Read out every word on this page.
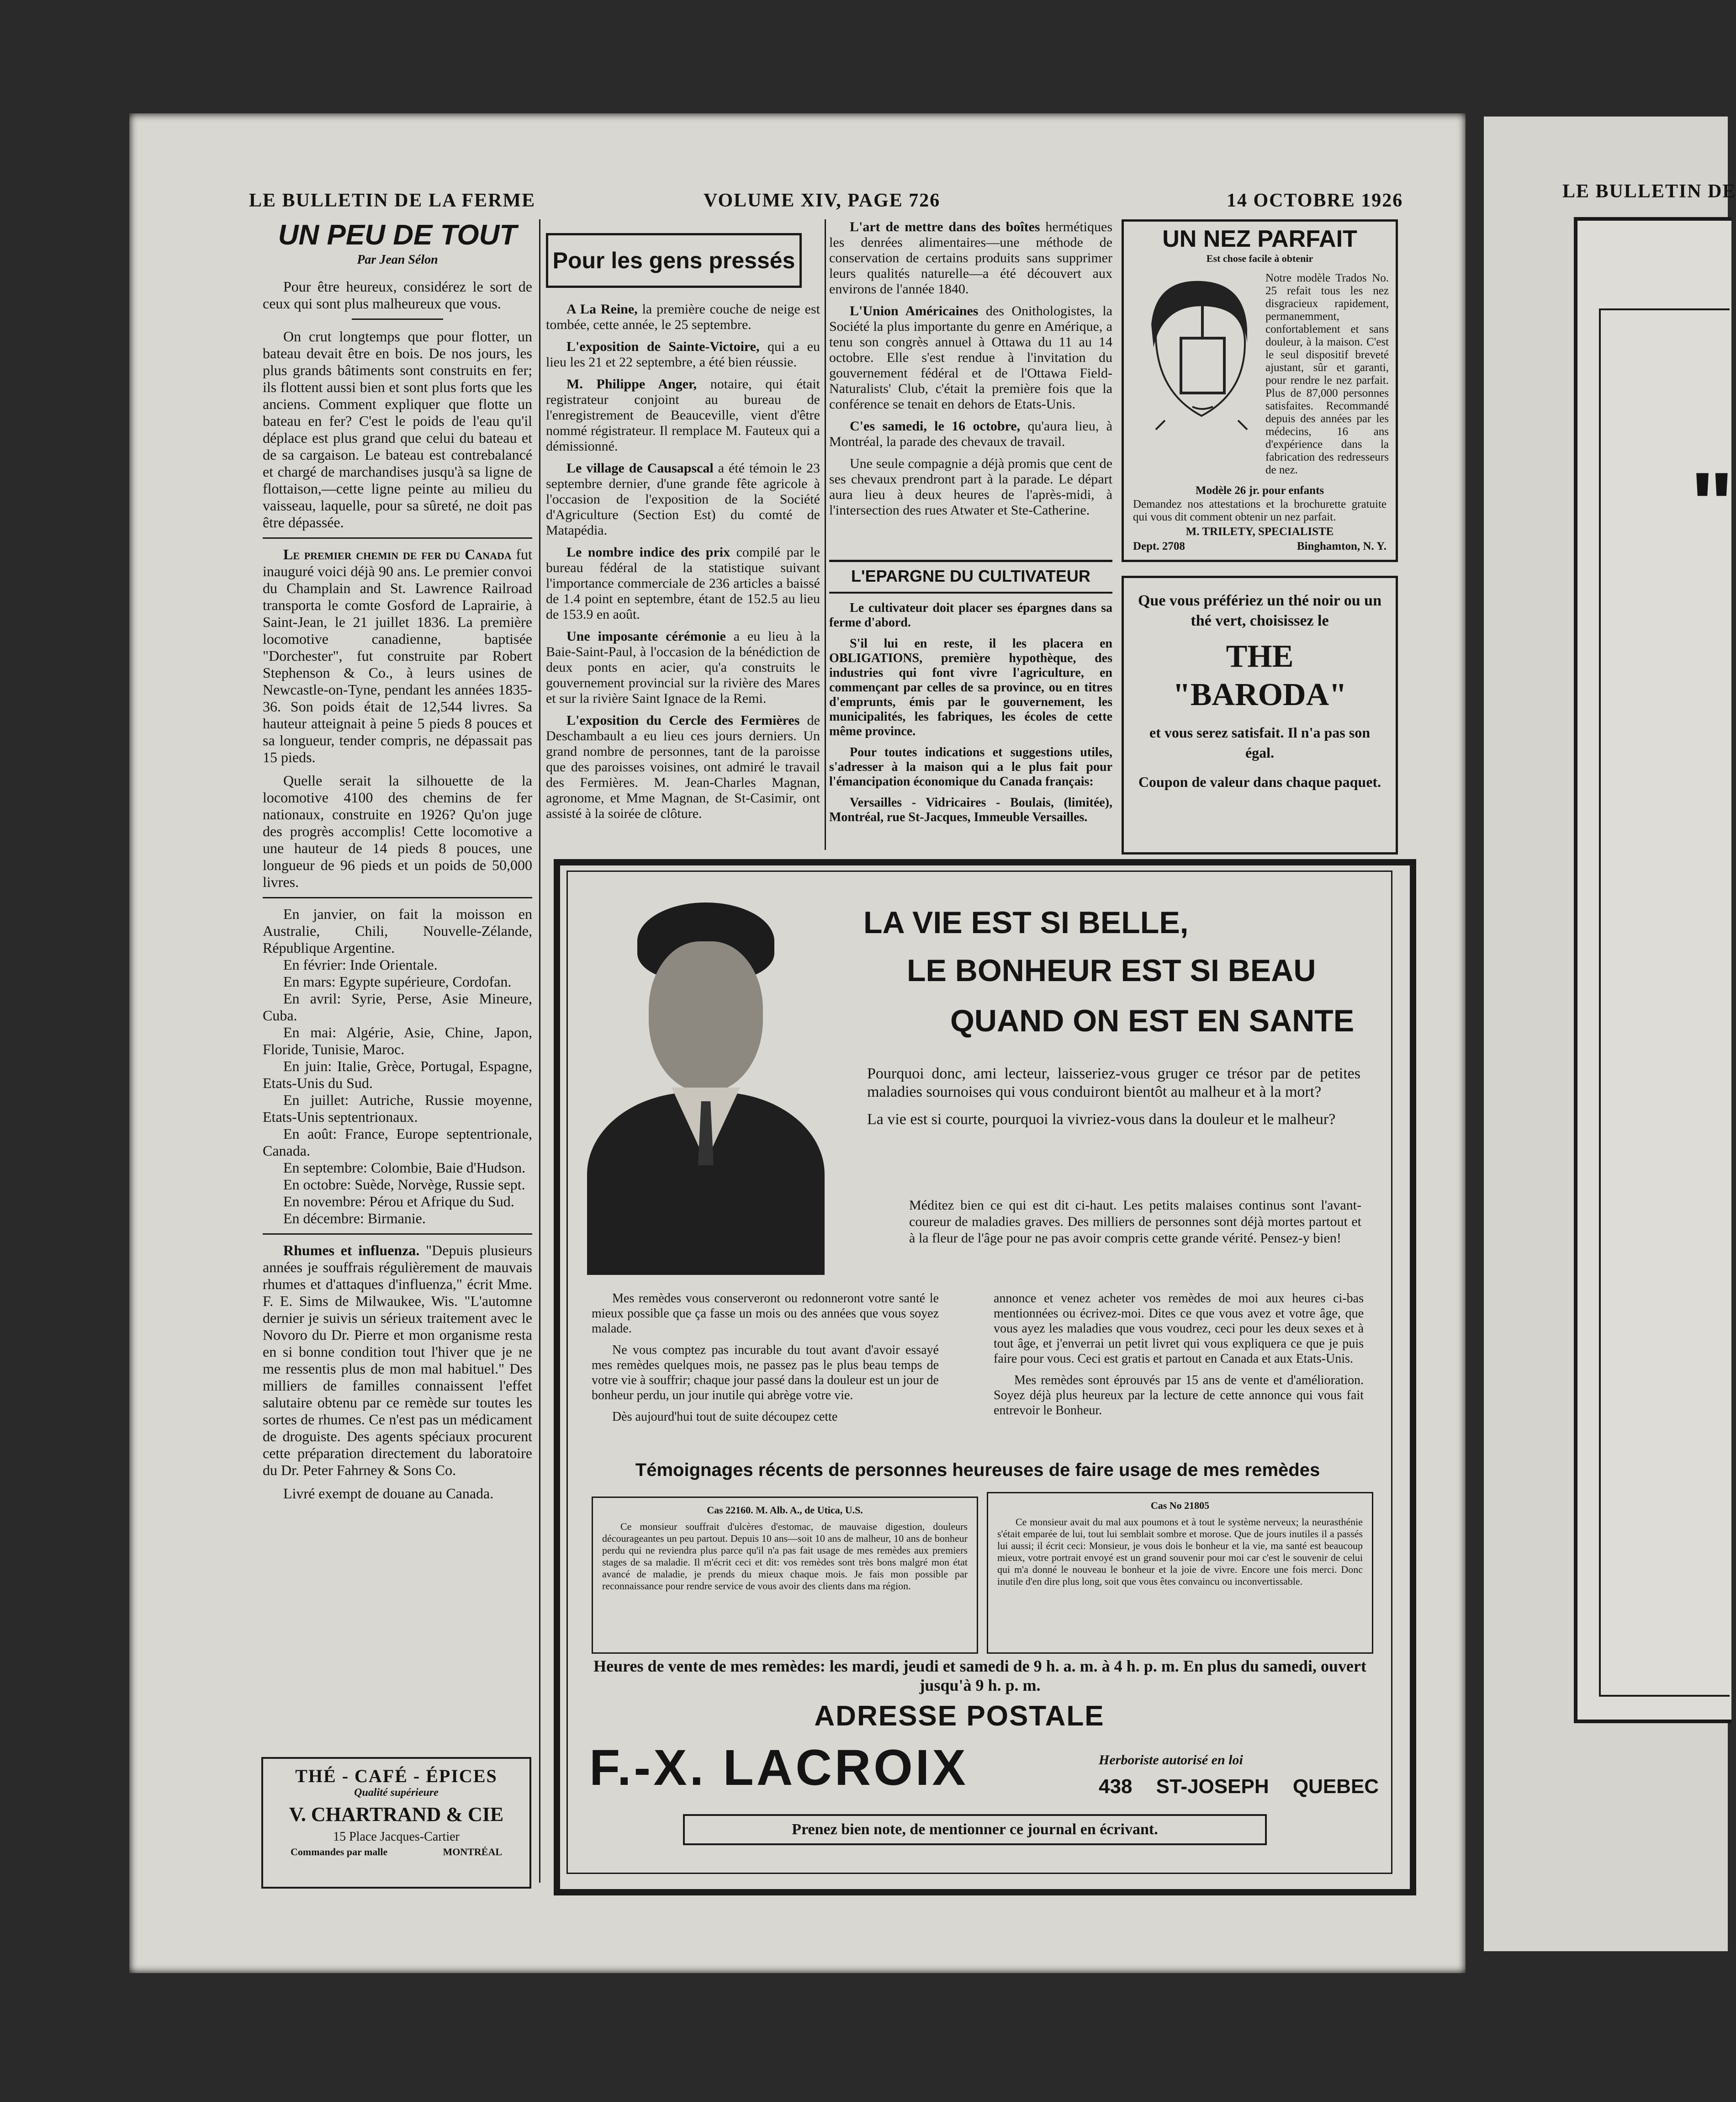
"
LE BULLETIN DE
LE BULLETIN DE LA FERME	VOLUME XIV, PAGE 726	14 OCTOBRE 1926
UN PEU DE TOUT
Par Jean Sélon

Pour être heureux, considérez le sort de ceux qui sont plus malheureux que vous.

On crut longtemps que pour flotter, un bateau devait être en bois. De nos jours, les plus grands bâtiments sont construits en fer; ils flottent aussi bien et sont plus forts que les anciens. Comment expliquer que flotte un bateau en fer? C'est le poids de l'eau qu'il déplace est plus grand que celui du bateau et de sa cargaison. Le bateau est contrebalancé et chargé de marchandises jusqu'à sa ligne de flottaison,—cette ligne peinte au milieu du vaisseau, laquelle, pour sa sûreté, ne doit pas être dépassée.

Le premier chemin de fer du Canada fut inauguré voici déjà 90 ans. Le premier convoi du Champlain and St. Lawrence Railroad transporta le comte Gosford de Laprairie, à Saint-Jean, le 21 juillet 1836. La première locomotive canadienne, baptisée "Dorchester", fut construite par Robert Stephenson & Co., à leurs usines de Newcastle-on-Tyne, pendant les années 1835-36. Son poids était de 12,544 livres. Sa hauteur atteignait à peine 5 pieds 8 pouces et sa longueur, tender compris, ne dépassait pas 15 pieds.

Quelle serait la silhouette de la locomotive 4100 des chemins de fer nationaux, construite en 1926? Qu'on juge des progrès accomplis! Cette locomotive a une hauteur de 14 pieds 8 pouces, une longueur de 96 pieds et un poids de 50,000 livres.

En janvier, on fait la moisson en Australie, Chili, Nouvelle-Zélande, République Argentine.

En février: Inde Orientale.

En mars: Egypte supérieure, Cordofan.

En avril: Syrie, Perse, Asie Mineure, Cuba.

En mai: Algérie, Asie, Chine, Japon, Floride, Tunisie, Maroc.

En juin: Italie, Grèce, Portugal, Espagne, Etats-Unis du Sud.

En juillet: Autriche, Russie moyenne, Etats-Unis septentrionaux.

En août: France, Europe septentrionale, Canada.

En septembre: Colombie, Baie d'Hudson.

En octobre: Suède, Norvège, Russie sept.

En novembre: Pérou et Afrique du Sud.

En décembre: Birmanie.

Rhumes et influenza. "Depuis plusieurs années je souffrais régulièrement de mauvais rhumes et d'attaques d'influenza," écrit Mme. F. E. Sims de Milwaukee, Wis. "L'automne dernier je suivis un sérieux traitement avec le Novoro du Dr. Pierre et mon organisme resta en si bonne condition tout l'hiver que je ne me ressentis plus de mon mal habituel." Des milliers de familles connaissent l'effet salutaire obtenu par ce remède sur toutes les sortes de rhumes. Ce n'est pas un médicament de droguiste. Des agents spéciaux procurent cette préparation directement du laboratoire du Dr. Peter Fahrney & Sons Co.

Livré exempt de douane au Canada.

THÉ - CAFÉ - ÉPICES
Qualité supérieure
V. CHARTRAND & CIE
15 Place Jacques-Cartier
Commandes par malle	MONTRÉAL
Pour les gens pressés

A La Reine, la première couche de neige est tombée, cette année, le 25 septembre.

L'exposition de Sainte-Victoire, qui a eu lieu les 21 et 22 septembre, a été bien réussie.

M. Philippe Anger, notaire, qui était registrateur conjoint au bureau de l'enregistrement de Beauceville, vient d'être nommé régistrateur. Il remplace M. Fauteux qui a démissionné.

Le village de Causapscal a été témoin le 23 septembre dernier, d'une grande fête agricole à l'occasion de l'exposition de la Société d'Agriculture (Section Est) du comté de Matapédia.

Le nombre indice des prix compilé par le bureau fédéral de la statistique suivant l'importance commerciale de 236 articles a baissé de 1.4 point en septembre, étant de 152.5 au lieu de 153.9 en août.

Une imposante cérémonie a eu lieu à la Baie-Saint-Paul, à l'occasion de la bénédiction de deux ponts en acier, qu'a construits le gouvernement provincial sur la rivière des Mares et sur la rivière Saint Ignace de la Remi.

L'exposition du Cercle des Fermières de Deschambault a eu lieu ces jours derniers. Un grand nombre de personnes, tant de la paroisse que des paroisses voisines, ont admiré le travail des Fermières. M. Jean-Charles Magnan, agronome, et Mme Magnan, de St-Casimir, ont assisté à la soirée de clôture.

L'art de mettre dans des boîtes hermétiques les denrées alimentaires—une méthode de conservation de certains produits sans supprimer leurs qualités naturelle—a été découvert aux environs de l'année 1840.

L'Union Américaines des Onithologistes, la Société la plus importante du genre en Amérique, a tenu son congrès annuel à Ottawa du 11 au 14 octobre. Elle s'est rendue à l'invitation du gouvernement fédéral et de l'Ottawa Field-Naturalists' Club, c'était la première fois que la conférence se tenait en dehors de Etats-Unis.

C'es samedi, le 16 octobre, qu'aura lieu, à Montréal, la parade des chevaux de travail.

Une seule compagnie a déjà promis que cent de ses chevaux prendront part à la parade. Le départ aura lieu à deux heures de l'après-midi, à l'intersection des rues Atwater et Ste-Catherine.

L'EPARGNE DU CULTIVATEUR

Le cultivateur doit placer ses épargnes dans sa ferme d'abord.

S'il lui en reste, il les placera en OBLIGATIONS, première hypothèque, des industries qui font vivre l'agriculture, en commençant par celles de sa province, ou en titres d'emprunts, émis par le gouvernement, les municipalités, les fabriques, les écoles de cette même province.

Pour toutes indications et suggestions utiles, s'adresser à la maison qui a le plus fait pour l'émancipation économique du Canada français:

Versailles - Vidricaires - Boulais, (limitée), Montréal, rue St-Jacques, Immeuble Versailles.

UN NEZ PARFAIT
Est chose facile à obtenir
Notre modèle Trados No. 25 refait tous les nez disgracieux rapidement, permanemment, confortablement et sans douleur, à la maison. C'est le seul dispositif breveté ajustant, sûr et garanti, pour rendre le nez parfait. Plus de 87,000 personnes satisfaites. Recommandé depuis des années par les médecins, 16 ans d'expérience dans la fabrication des redresseurs de nez.
Modèle 26 jr. pour enfants
Demandez nos attestations et la brochurette gratuite qui vous dit comment obtenir un nez parfait.
M. TRILETY, SPECIALISTE
Dept. 2708	Binghamton, N. Y.
Que vous préfériez un thé noir ou un thé vert, choisissez le
THE
"BARODA"
et vous serez satisfait. Il n'a pas son égal.
Coupon de valeur dans chaque paquet.
LA VIE EST SI BELLE,
LE BONHEUR EST SI BEAU
QUAND ON EST EN SANTE

Pourquoi donc, ami lecteur, laisseriez-vous gruger ce trésor par de petites maladies sournoises qui vous conduiront bientôt au malheur et à la mort?

La vie est si courte, pourquoi la vivriez-vous dans la douleur et le malheur?

Méditez bien ce qui est dit ci-haut. Les petits malaises continus sont l'avant-coureur de maladies graves. Des milliers de personnes sont déjà mortes partout et à la fleur de l'âge pour ne pas avoir compris cette grande vérité. Pensez-y bien!

Mes remèdes vous conserveront ou redonneront votre santé le mieux possible que ça fasse un mois ou des années que vous soyez malade.

Ne vous comptez pas incurable du tout avant d'avoir essayé mes remèdes quelques mois, ne passez pas le plus beau temps de votre vie à souffrir; chaque jour passé dans la douleur est un jour de bonheur perdu, un jour inutile qui abrège votre vie.

Dès aujourd'hui tout de suite découpez cette

annonce et venez acheter vos remèdes de moi aux heures ci-bas mentionnées ou écrivez-moi. Dites ce que vous avez et votre âge, que vous ayez les maladies que vous voudrez, ceci pour les deux sexes et à tout âge, et j'enverrai un petit livret qui vous expliquera ce que je puis faire pour vous. Ceci est gratis et partout en Canada et aux Etats-Unis.

Mes remèdes sont éprouvés par 15 ans de vente et d'amélioration. Soyez déjà plus heureux par la lecture de cette annonce qui vous fait entrevoir le Bonheur.

Témoignages récents de personnes heureuses de faire usage de mes remèdes
Cas 22160. M. Alb. A., de Utica, U.S.
Ce monsieur souffrait d'ulcères d'estomac, de mauvaise digestion, douleurs décourageantes un peu partout. Depuis 10 ans—soit 10 ans de malheur, 10 ans de bonheur perdu qui ne reviendra plus parce qu'il n'a pas fait usage de mes remèdes aux premiers stages de sa maladie. Il m'écrit ceci et dit: vos remèdes sont très bons malgré mon état avancé de maladie, je prends du mieux chaque mois. Je fais mon possible par reconnaissance pour rendre service de vous avoir des clients dans ma région.
Cas No 21805
Ce monsieur avait du mal aux poumons et à tout le système nerveux; la neurasthénie s'était emparée de lui, tout lui semblait sombre et morose. Que de jours inutiles il a passés lui aussi; il écrit ceci: Monsieur, je vous dois le bonheur et la vie, ma santé est beaucoup mieux, votre portrait envoyé est un grand souvenir pour moi car c'est le souvenir de celui qui m'a donné le nouveau le bonheur et la joie de vivre. Encore une fois merci. Donc inutile d'en dire plus long, soit que vous êtes convaincu ou inconvertissable.
Heures de vente de mes remèdes: les mardi, jeudi et samedi de 9 h. a. m. à 4 h. p. m. En plus du samedi, ouvert jusqu'à 9 h. p. m.
ADRESSE POSTALE
F.-X. LACROIX	Herboriste autorisé en loi
438 ST-JOSEPH QUEBEC
Prenez bien note, de mentionner ce journal en écrivant.
